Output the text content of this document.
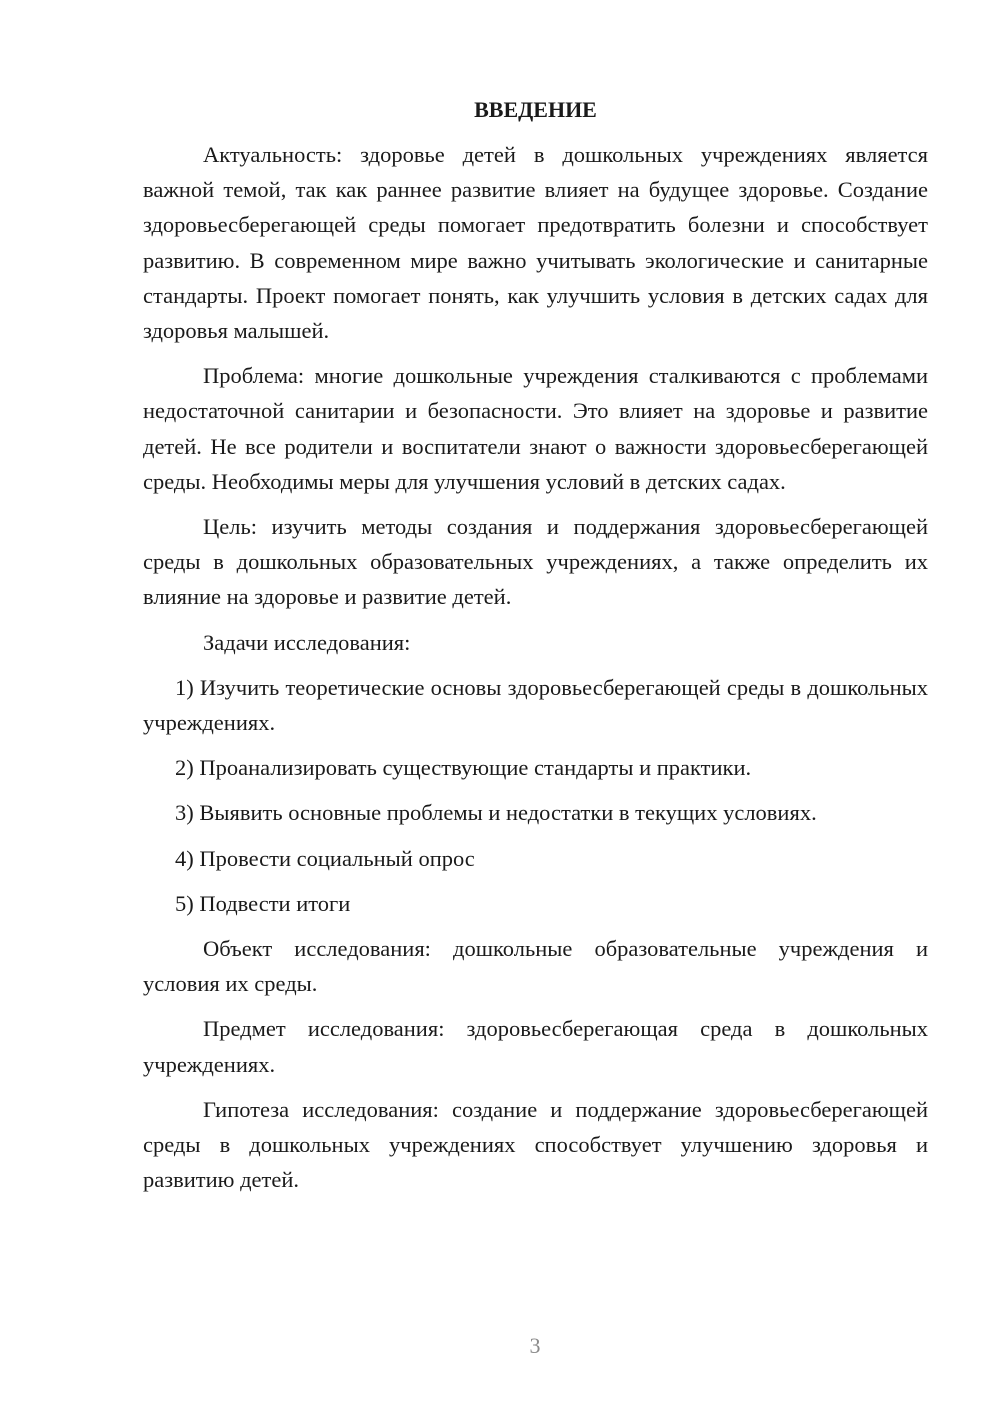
ВВЕДЕНИЕ

Актуальность: здоровье детей в дошкольных учреждениях является важной темой, так как раннее развитие влияет на будущее здоровье. Создание здоровьесберегающей среды помогает предотвратить болезни и способствует развитию. В современном мире важно учитывать экологические и санитарные стандарты. Проект помогает понять, как улучшить условия в детских садах для здоровья малышей.

Проблема: многие дошкольные учреждения сталкиваются с проблемами недостаточной санитарии и безопасности. Это влияет на здоровье и развитие детей. Не все родители и воспитатели знают о важности здоровьесберегающей среды. Необходимы меры для улучшения условий в детских садах.

Цель: изучить методы создания и поддержания здоровьесберегающей среды в дошкольных образовательных учреждениях, а также определить их влияние на здоровье и развитие детей.

Задачи исследования:

1) Изучить теоретические основы здоровьесберегающей среды в дошкольных учреждениях.

2) Проанализировать существующие стандарты и практики.

3) Выявить основные проблемы и недостатки в текущих условиях.

4) Провести социальный опрос

5) Подвести итоги

Объект исследования: дошкольные образовательные учреждения и условия их среды.

Предмет исследования: здоровьесберегающая среда в дошкольных учреждениях.

Гипотеза исследования: создание и поддержание здоровьесберегающей среды в дошкольных учреждениях способствует улучшению здоровья и развитию детей.

3
